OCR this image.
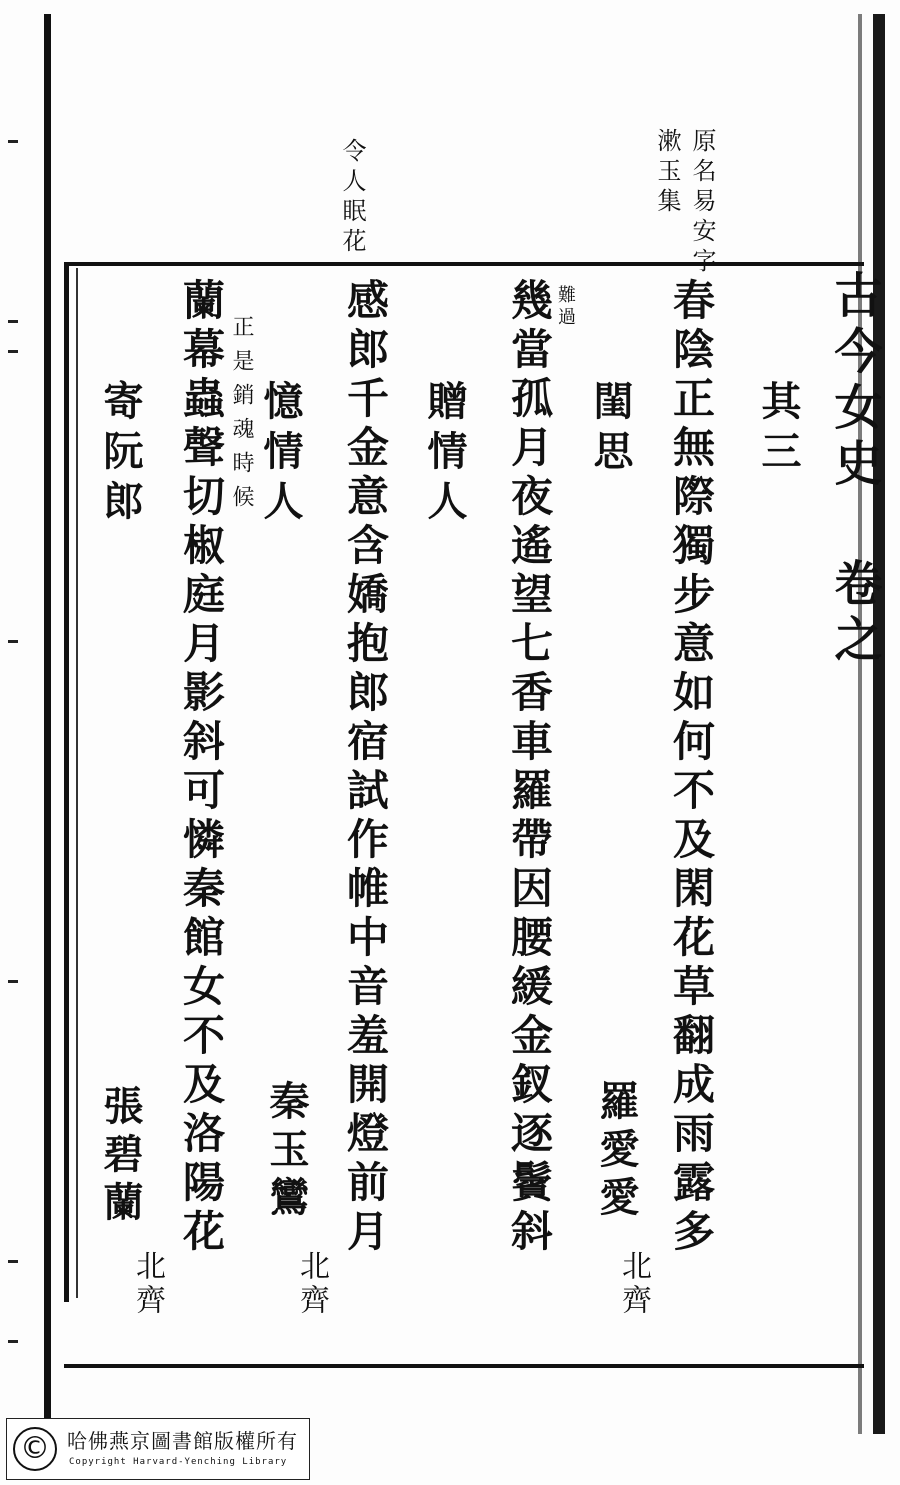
古今女史 卷之
原名易安字
漱玉集
令人眠花
其三
春陰正無際獨步意如何不及閑花草翻成雨露多
閨思
難過
幾當孤月夜遙望七香車羅帶因腰緩金釵逐鬢斜 羅愛愛
北齊
贈情人
感郎千金意含嬌抱郎宿試作帷中音羞開燈前月
憶情人
正是銷魂時候
蘭幕蟲聲切椒庭月影斜可憐秦館女不及洛陽花 秦玉鸞
北齊
寄阮郎
張碧蘭
北齊
© 哈佛燕京圖書館版權所有
Copyright Harvard-Yenching Library
